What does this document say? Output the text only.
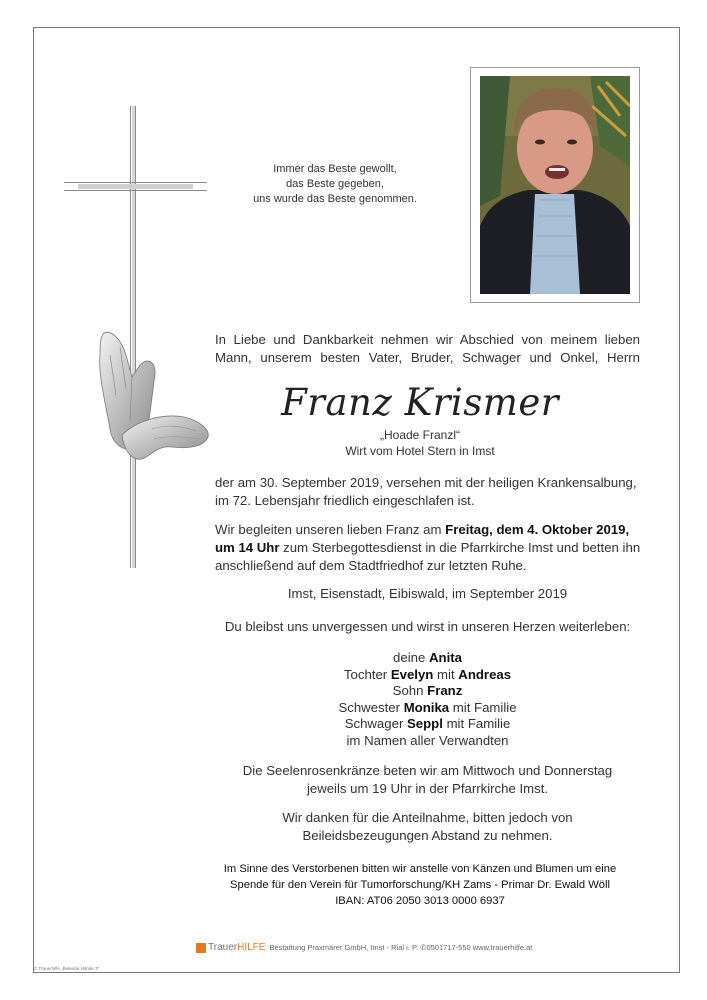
Immer das Beste gewollt,
das Beste gegeben,
uns wurde das Beste genommen.
In Liebe und Dankbarkeit nehmen wir Abschied von meinem lieben
Mann, unserem besten Vater, Bruder, Schwager und Onkel, Herrn
Franz Krismer
„Hoade Franzl“
Wirt vom Hotel Stern in Imst
der am 30. September 2019, versehen mit der heiligen Krankensalbung,
im 72. Lebensjahr friedlich eingeschlafen ist.
Wir begleiten unseren lieben Franz am Freitag, dem 4. Oktober 2019,
um 14 Uhr zum Sterbegottesdienst in die Pfarrkirche Imst und betten ihn
anschließend auf dem Stadtfriedhof zur letzten Ruhe.
Imst, Eisenstadt, Eibiswald, im September 2019
Du bleibst uns unvergessen und wirst in unseren Herzen weiterleben:
deine Anita
Tochter Evelyn mit Andreas
Sohn Franz
Schwester Monika mit Familie
Schwager Seppl mit Familie
im Namen aller Verwandten
Die Seelenrosenkränze beten wir am Mittwoch und Donnerstag
jeweils um 19 Uhr in der Pfarrkirche Imst.
Wir danken für die Anteilnahme, bitten jedoch von
Beileidsbezeugungen Abstand zu nehmen.
Im Sinne des Verstorbenen bitten wir anstelle von Känzen und Blumen um eine
Spende für den Verein für Tumorforschung/KH Zams - Primar Dr. Ewald Wöll
IBAN: AT06 2050 3013 0000 6937
TrauerHILFE Bestattung Praxmarer GmbH, Imst - Rial i. P. ✆0501717-550 www.trauerhilfe.at
© Trauerhilfe „Betende Hände 3“
